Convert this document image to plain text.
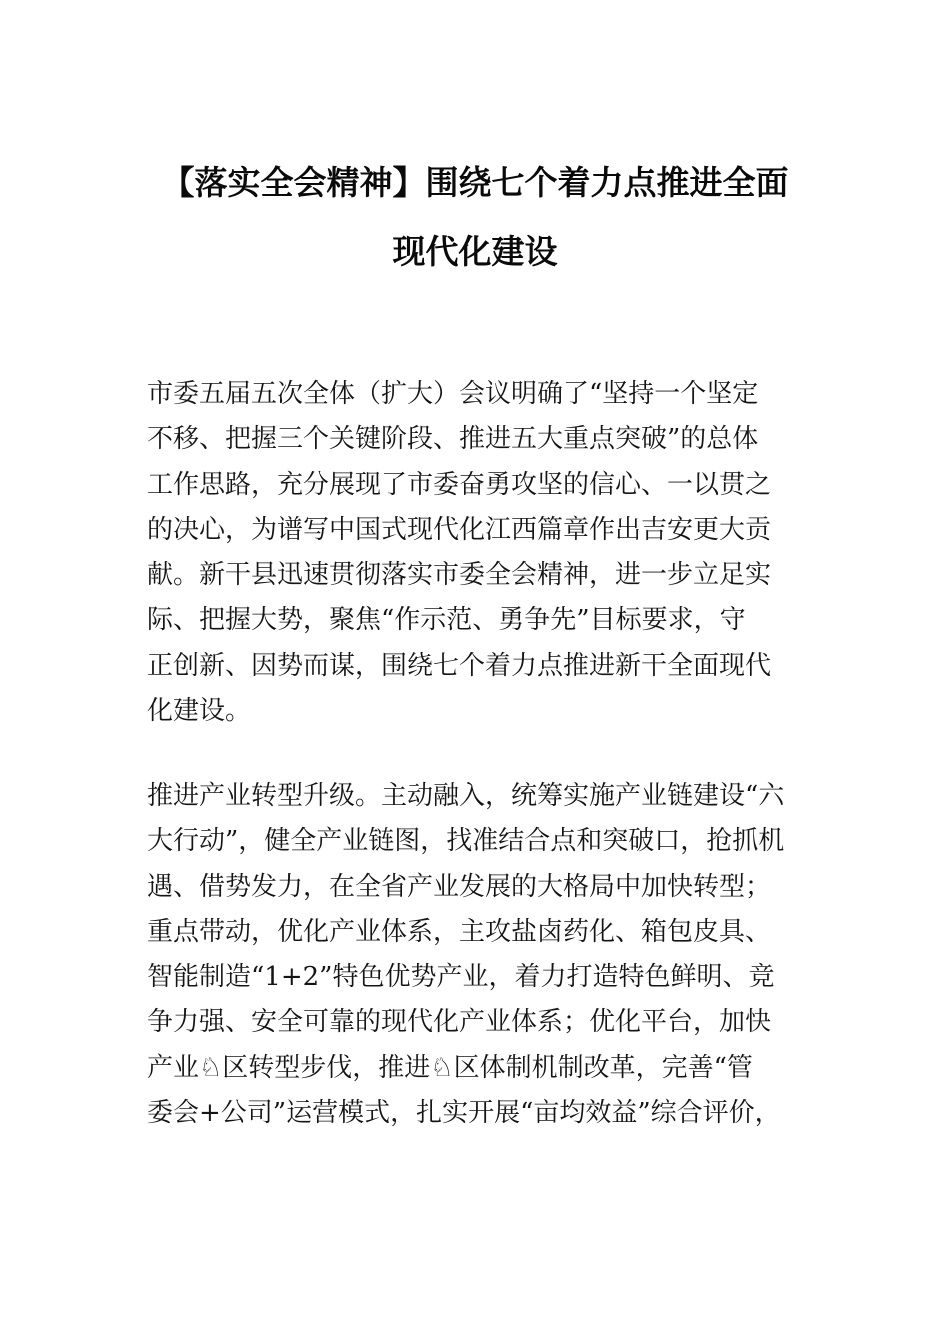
【落实全会精神】围绕七个着力点推进全面
现代化建设
市委五届五次全体（扩大）会议明确了“坚持一个坚定
不移、把握三个关键阶段、推进五大重点突破”的总体
工作思路，充分展现了市委奋勇攻坚的信心、一以贯之
的决心，为谱写中国式现代化江西篇章作出吉安更大贡
献。新干县迅速贯彻落实市委全会精神，进一步立足实
际、把握大势，聚焦“作示范、勇争先”目标要求，守
正创新、因势而谋，围绕七个着力点推进新干全面现代
化建设。
推进产业转型升级。主动融入，统筹实施产业链建设“六
大行动”，健全产业链图，找准结合点和突破口，抢抓机
遇、借势发力，在全省产业发展的大格局中加快转型；
重点带动，优化产业体系，主攻盐卤药化、箱包皮具、
智能制造“1+2”特色优势产业，着力打造特色鲜明、竞
争力强、安全可靠的现代化产业体系；优化平台，加快
产业♘区转型步伐，推进♘区体制机制改革，完善“管
委会+公司”运营模式，扎实开展“亩均效益”综合评价，
